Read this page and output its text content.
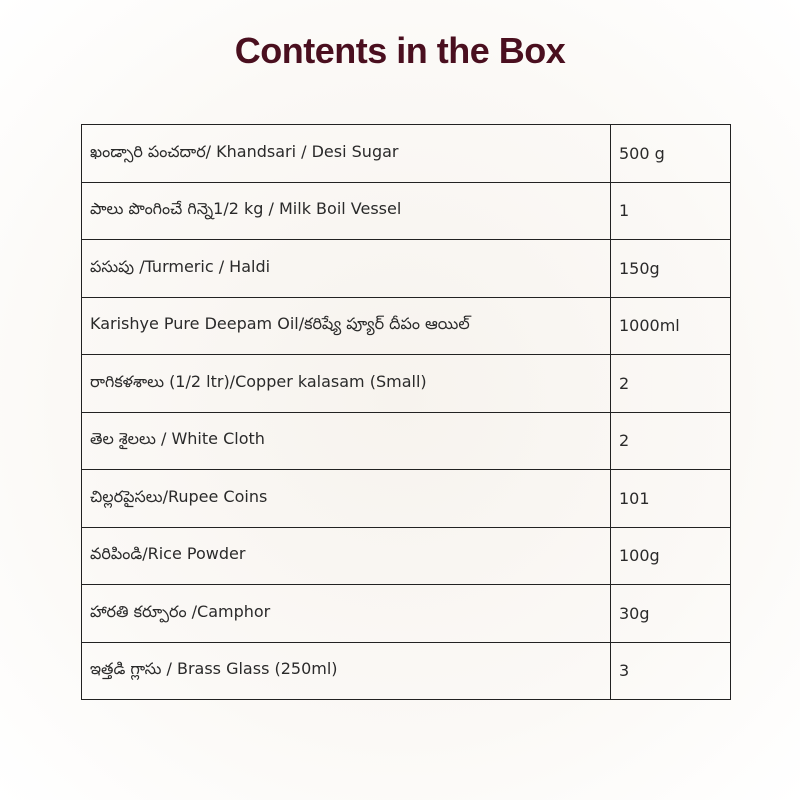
Contents in the Box
ఖండ్సారి పంచదార/ Khandsari / Desi Sugar	500 g
పాలు పొంగించే గిన్నె1/2 kg / Milk Boil Vessel	1
పసుపు /Turmeric / Haldi	150g
Karishye Pure Deepam Oil/కరిష్యే ప్యూర్ దీపం ఆయిల్	1000ml
రాగికళశాలు (1/2 ltr)/Copper kalasam (Small)	2
తెల శైలలు / White Cloth	2
చిల్లరపైసలు/Rupee Coins	101
వరిపిండి/Rice Powder	100g
హారతి కర్పూరం /Camphor	30g
ఇత్తడి గ్లాసు / Brass Glass (250ml)	3
